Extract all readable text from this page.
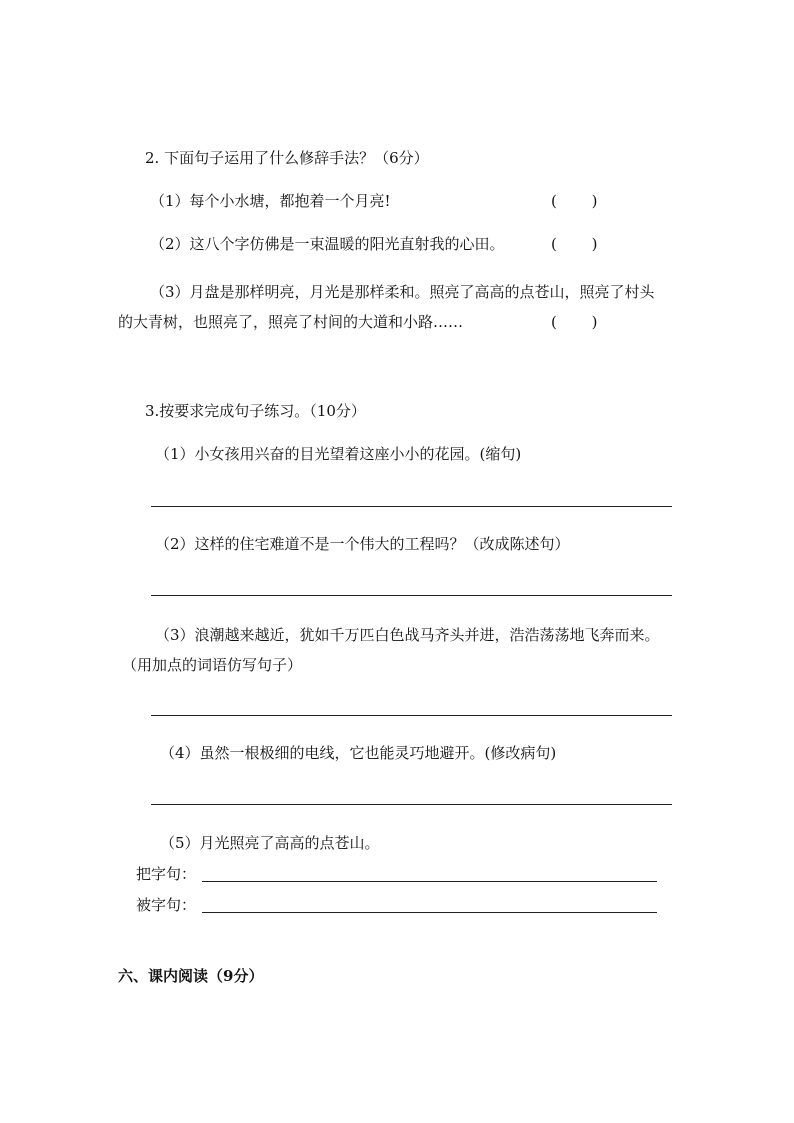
2. 下面句子运用了什么修辞手法？（6分）
（1）每个小水塘，都抱着一个月亮!	(　　 )
（2）这八个字仿佛是一束温暖的阳光直射我的心田。	(　　 )
（3）月盘是那样明亮，月光是那样柔和。照亮了高高的点苍山，照亮了村头
的大青树，也照亮了，照亮了村间的大道和小路……	(　　 )
3.按要求完成句子练习。（10分）
（1）小女孩用兴奋的目光望着这座小小的花园。(缩句)
（2）这样的住宅难道不是一个伟大的工程吗？（改成陈述句）
（3）浪潮越来越近，犹如千万匹白色战马齐头并进，浩浩荡荡地飞奔而来。
（用加点的词语仿写句子）
（4）虽然一根极细的电线，它也能灵巧地避开。(修改病句)
（5）月光照亮了高高的点苍山。
把字句：
被字句：
六、课内阅读（9分）
